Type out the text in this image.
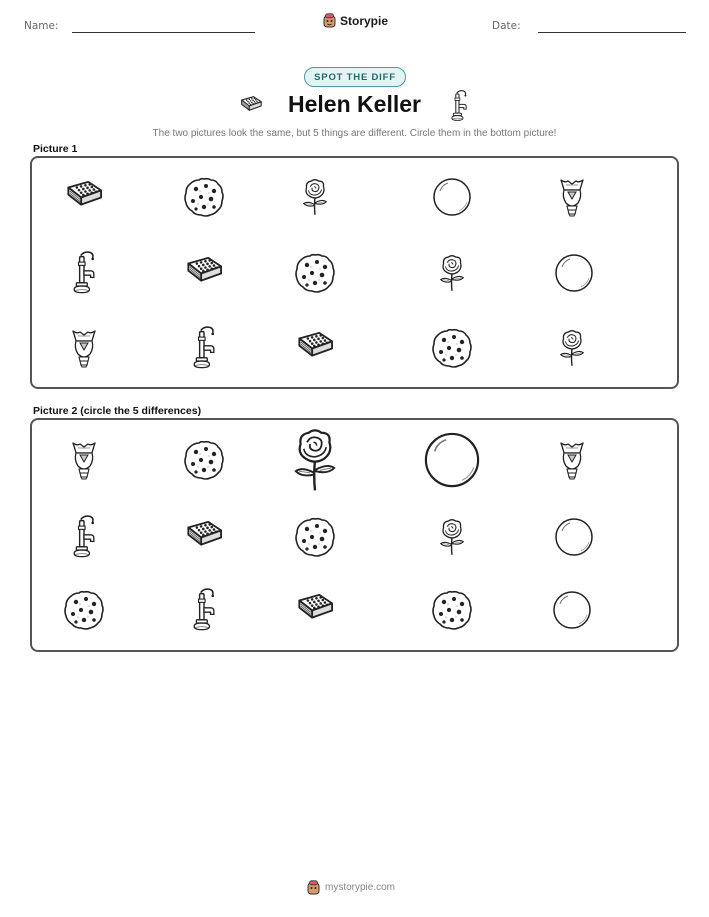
Name:	Storypie	Date:
SPOT THE DIFF
Helen Keller
The two pictures look the same, but 5 things are different. Circle them in the bottom picture!
Picture 1
Picture 2 (circle the 5 differences)
mystorypie.com
